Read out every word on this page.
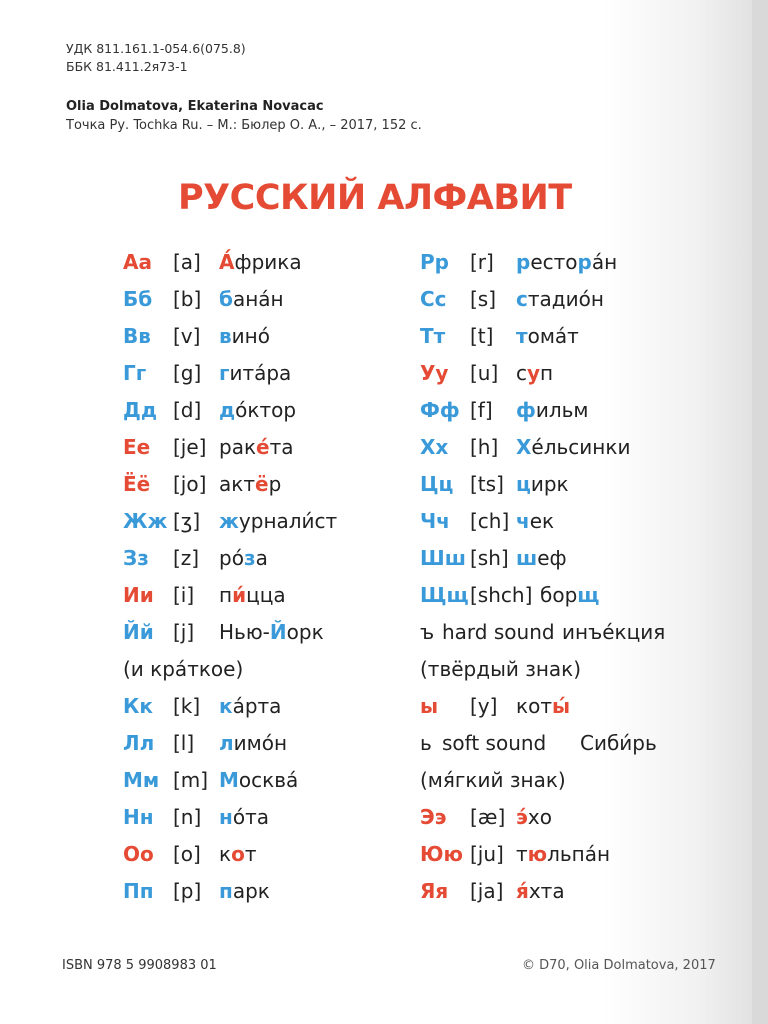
УДК 811.161.1-054.6(075.8)
ББК 81.411.2я73-1
Olia Dolmatova, Ekaterina Novacac
Точка Ру. Tochka Ru. – М.: Бюлер О. А., – 2017, 152 с.
РУССКИЙ АЛФАВИТ
Аа [a] А́фрика
Бб [b] бана́н
Вв [v] вино́
Гг [g] гита́ра
Дд [d] до́ктор
Ее [je] раке́та
Ёё [jo] актёр
Жж [ʒ] журнали́ст
Зз [z] ро́за
Ии [i] пи́цца
Йй [j] Нью-Йорк
(и кра́ткое)
Кк [k] ка́рта
Лл [l] лимо́н
Мм [m] Москва́
Нн [n] но́та
Оо [o] кот
Пп [p] парк
Рр [r] рестора́н
Сс [s] стадио́н
Тт [t] тома́т
Уу [u] суп
Фф [f] фильм
Хх [h] Хе́льсинки
Цц [ts] цирк
Чч [ch] чек
Шш [sh] шеф
Щщ[shch] борщ
ъ hard sound инъе́кция
(твёрдый знак)
ы [y] коты́
ь soft sound Сиби́рь
(мя́гкий знак)
Ээ [æ] э́хо
Юю [ju] тюльпа́н
Яя [ja] я́хта
ISBN 978 5 9908983 01	© D70, Olia Dolmatova, 2017
